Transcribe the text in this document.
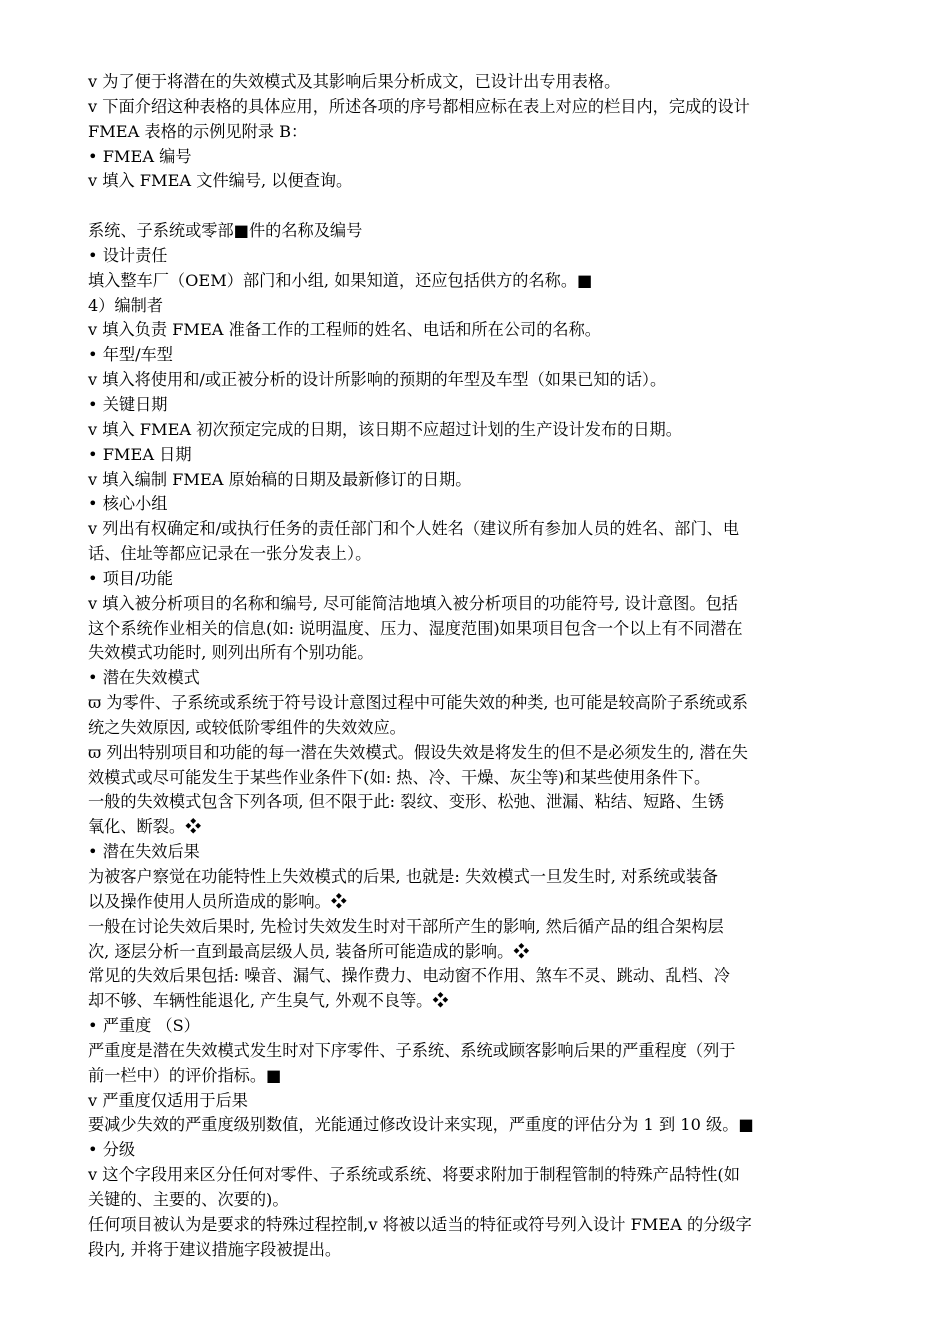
v 为了便于将潜在的失效模式及其影响后果分析成文，已设计出专用表格。
v 下面介绍这种表格的具体应用，所述各项的序号都相应标在表上对应的栏目内，完成的设计
FMEA 表格的示例见附录 B：
• FMEA 编号
v 填入 FMEA 文件编号, 以便查询。
系统、子系统或零部■件的名称及编号
• 设计责任
填入整车厂（OEM）部门和小组, 如果知道，还应包括供方的名称。■
4）编制者
v 填入负责 FMEA 准备工作的工程师的姓名、电话和所在公司的名称。
• 年型/车型
v 填入将使用和/或正被分析的设计所影响的预期的年型及车型（如果已知的话）。
• 关键日期
v 填入 FMEA 初次预定完成的日期，该日期不应超过计划的生产设计发布的日期。
• FMEA 日期
v 填入编制 FMEA 原始稿的日期及最新修订的日期。
• 核心小组
v 列出有权确定和/或执行任务的责任部门和个人姓名（建议所有参加人员的姓名、部门、电
话、住址等都应记录在一张分发表上）。
• 项目/功能
v 填入被分析项目的名称和编号, 尽可能简洁地填入被分析项目的功能符号, 设计意图。包括
这个系统作业相关的信息(如: 说明温度、压力、湿度范围)如果项目包含一个以上有不同潜在
失效模式功能时, 则列出所有个别功能。
• 潜在失效模式
ϖ 为零件、子系统或系统于符号设计意图过程中可能失效的种类, 也可能是较高阶子系统或系
统之失效原因, 或较低阶零组件的失效效应。
ϖ 列出特别项目和功能的每一潜在失效模式。假设失效是将发生的但不是必须发生的, 潜在失
效模式或尽可能发生于某些作业条件下(如: 热、冷、干燥、灰尘等)和某些使用条件下。
一般的失效模式包含下列各项, 但不限于此: 裂纹、变形、松弛、泄漏、粘结、短路、生锈
氧化、断裂。❖
• 潜在失效后果
为被客户察觉在功能特性上失效模式的后果, 也就是: 失效模式一旦发生时, 对系统或装备
以及操作使用人员所造成的影响。❖
一般在讨论失效后果时, 先检讨失效发生时对干部所产生的影响, 然后循产品的组合架构层
次, 逐层分析一直到最高层级人员, 装备所可能造成的影响。❖
常见的失效后果包括: 噪音、漏气、操作费力、电动窗不作用、煞车不灵、跳动、乱档、冷
却不够、车辆性能退化, 产生臭气, 外观不良等。❖
• 严重度 （S）
严重度是潜在失效模式发生时对下序零件、子系统、系统或顾客影响后果的严重程度（列于
前一栏中）的评价指标。■
v 严重度仅适用于后果
要减少失效的严重度级别数值，光能通过修改设计来实现，严重度的评估分为 1 到 10 级。■
• 分级
v 这个字段用来区分任何对零件、子系统或系统、将要求附加于制程管制的特殊产品特性(如
关键的、主要的、次要的)。
任何项目被认为是要求的特殊过程控制,v 将被以适当的特征或符号列入设计 FMEA 的分级字
段内, 并将于建议措施字段被提出。
